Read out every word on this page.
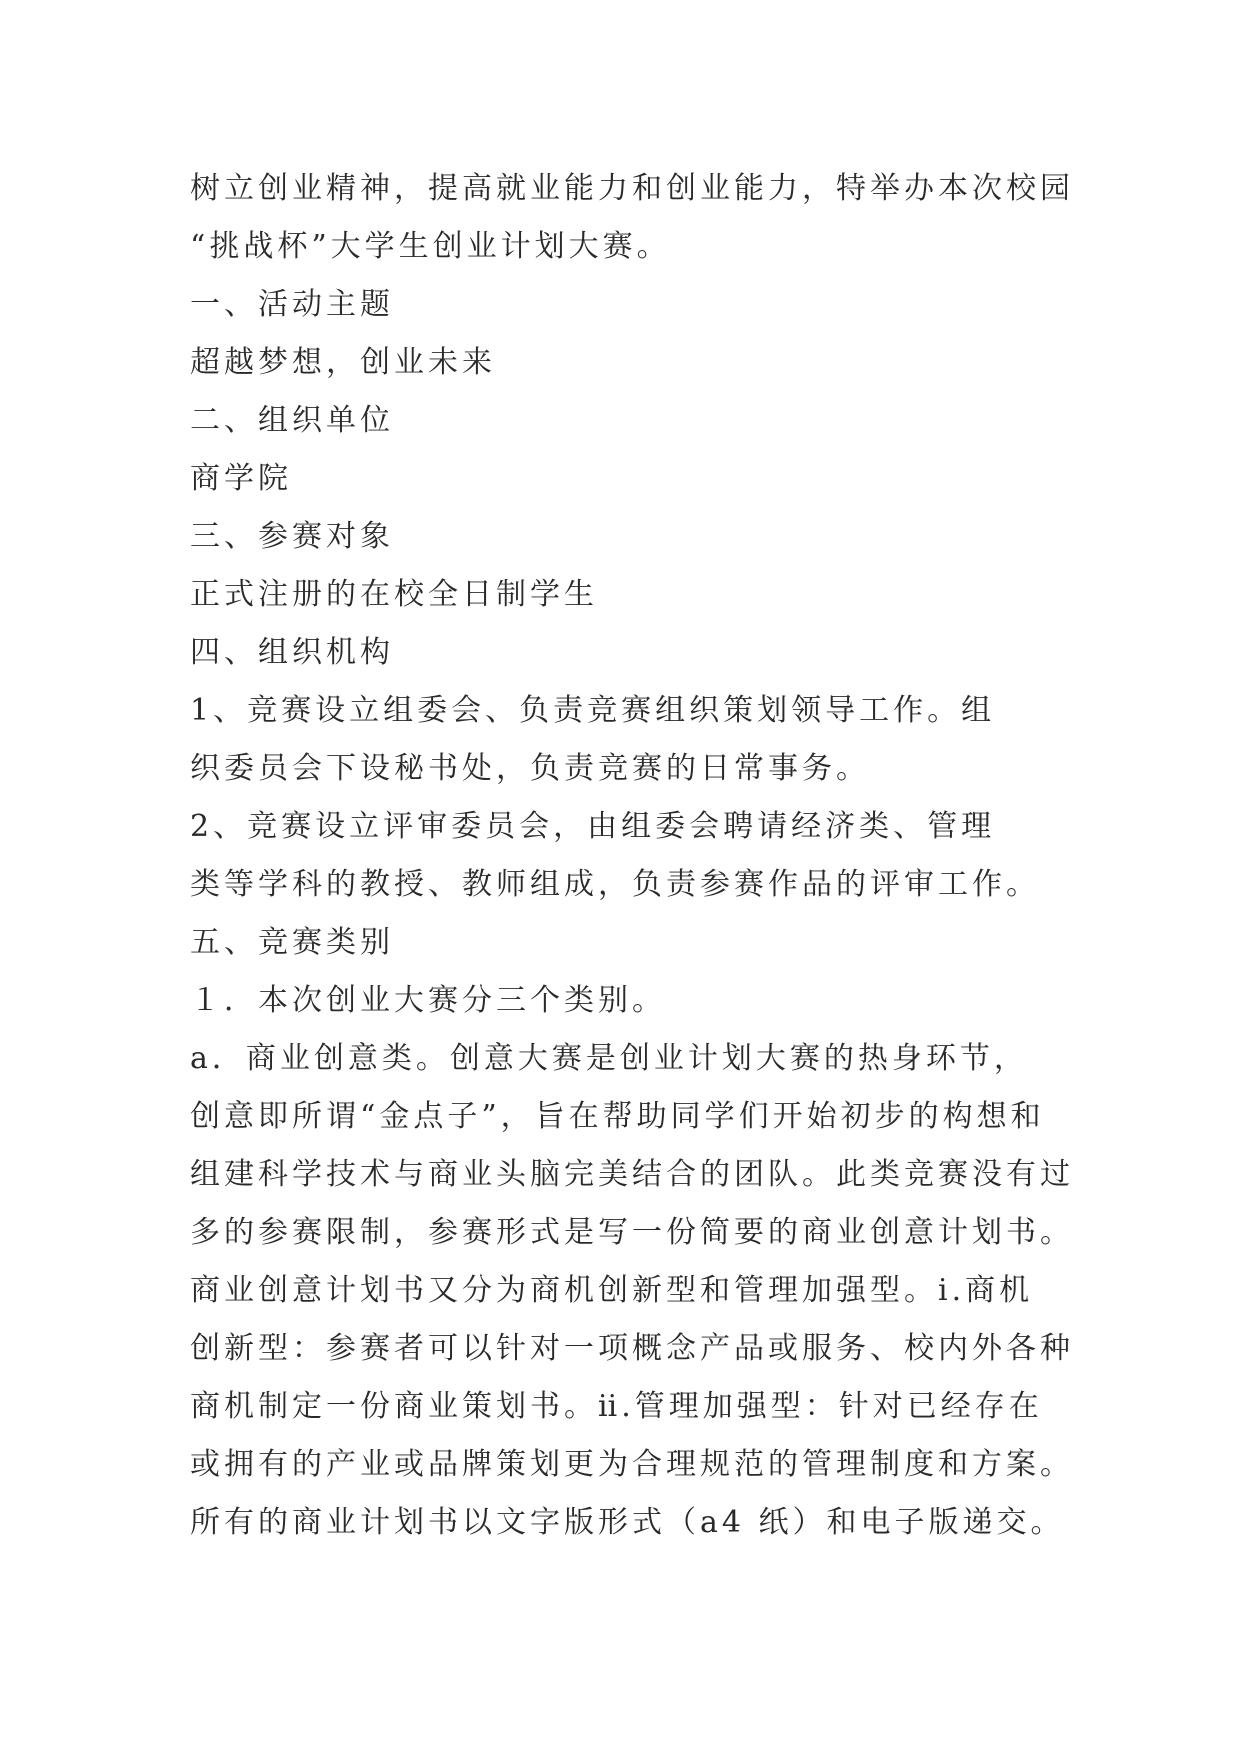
树立创业精神，提高就业能力和创业能力，特举办本次校园

“挑战杯”大学生创业计划大赛。

一、活动主题

超越梦想，创业未来

二、组织单位

商学院

三、参赛对象

正式注册的在校全日制学生

四、组织机构

1、竞赛设立组委会、负责竞赛组织策划领导工作。组

织委员会下设秘书处，负责竞赛的日常事务。

2、竞赛设立评审委员会，由组委会聘请经济类、管理

类等学科的教授、教师组成，负责参赛作品的评审工作。

五、竞赛类别

１．本次创业大赛分三个类别。

a．商业创意类。创意大赛是创业计划大赛的热身环节，

创意即所谓“金点子”，旨在帮助同学们开始初步的构想和

组建科学技术与商业头脑完美结合的团队。此类竞赛没有过

多的参赛限制，参赛形式是写一份简要的商业创意计划书。

商业创意计划书又分为商机创新型和管理加强型。ⅰ.商机

创新型：参赛者可以针对一项概念产品或服务、校内外各种

商机制定一份商业策划书。ⅱ.管理加强型：针对已经存在

或拥有的产业或品牌策划更为合理规范的管理制度和方案。

所有的商业计划书以文字版形式（a4 纸）和电子版递交。
